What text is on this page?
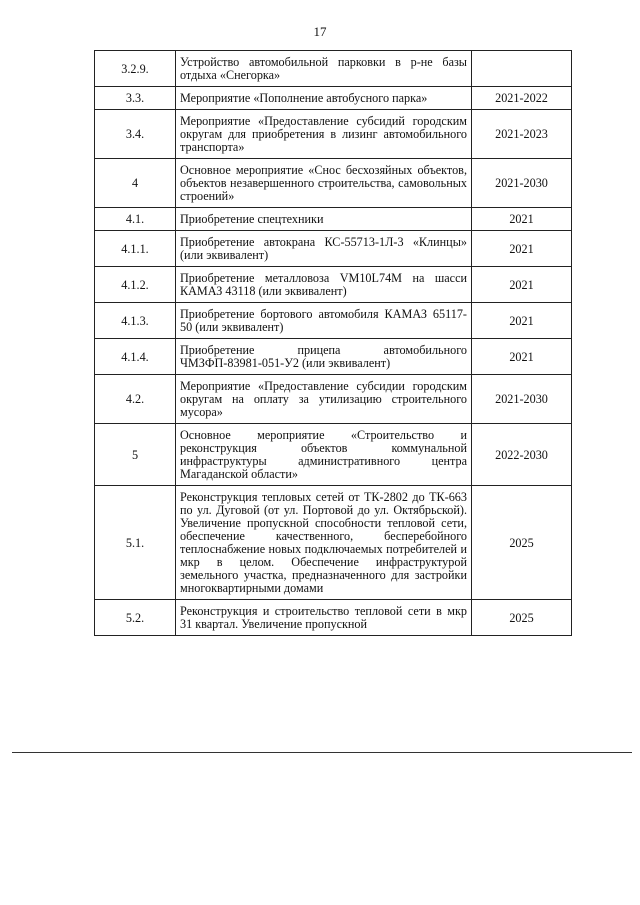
17
3.2.9.	Устройство автомобильной парковки в р-не базы отдыха «Снегорка»	
3.3.	Мероприятие «Пополнение автобусного парка»	2021-2022
3.4.	Мероприятие «Предоставление субсидий городским округам для приобретения в лизинг автомобильного транспорта»	2021-2023
4	Основное мероприятие «Снос бесхозяйных объектов, объектов незавершенного строительства, самовольных строений»	2021-2030
4.1.	Приобретение спецтехники	2021
4.1.1.	Приобретение автокрана КС-55713-1Л-3 «Клинцы» (или эквивалент)	2021
4.1.2.	Приобретение металловоза VM10L74M на шасси КАМАЗ 43118 (или эквивалент)	2021
4.1.3.	Приобретение бортового автомобиля КАМАЗ 65117-50 (или эквивалент)	2021
4.1.4.	Приобретение прицепа автомобильного ЧМЗФП-83981-051-У2 (или эквивалент)	2021
4.2.	Мероприятие «Предоставление субсидии городским округам на оплату за утилизацию строительного мусора»	2021-2030
5	Основное мероприятие «Строительство и реконструкция объектов коммунальной инфраструктуры административного центра Магаданской области»	2022-2030
5.1.	Реконструкция тепловых сетей от ТК-2802 до ТК-663 по ул. Дуговой (от ул. Портовой до ул. Октябрьской). Увеличение пропускной способности тепловой сети, обеспечение качественного, бесперебойного теплоснабжение новых подключаемых потребителей и мкр в целом. Обеспечение инфраструктурой земельного участка, предназначенного для застройки многоквартирными домами	2025
5.2.	Реконструкция и строительство тепловой сети в мкр 31 квартал. Увеличение пропускной	2025
